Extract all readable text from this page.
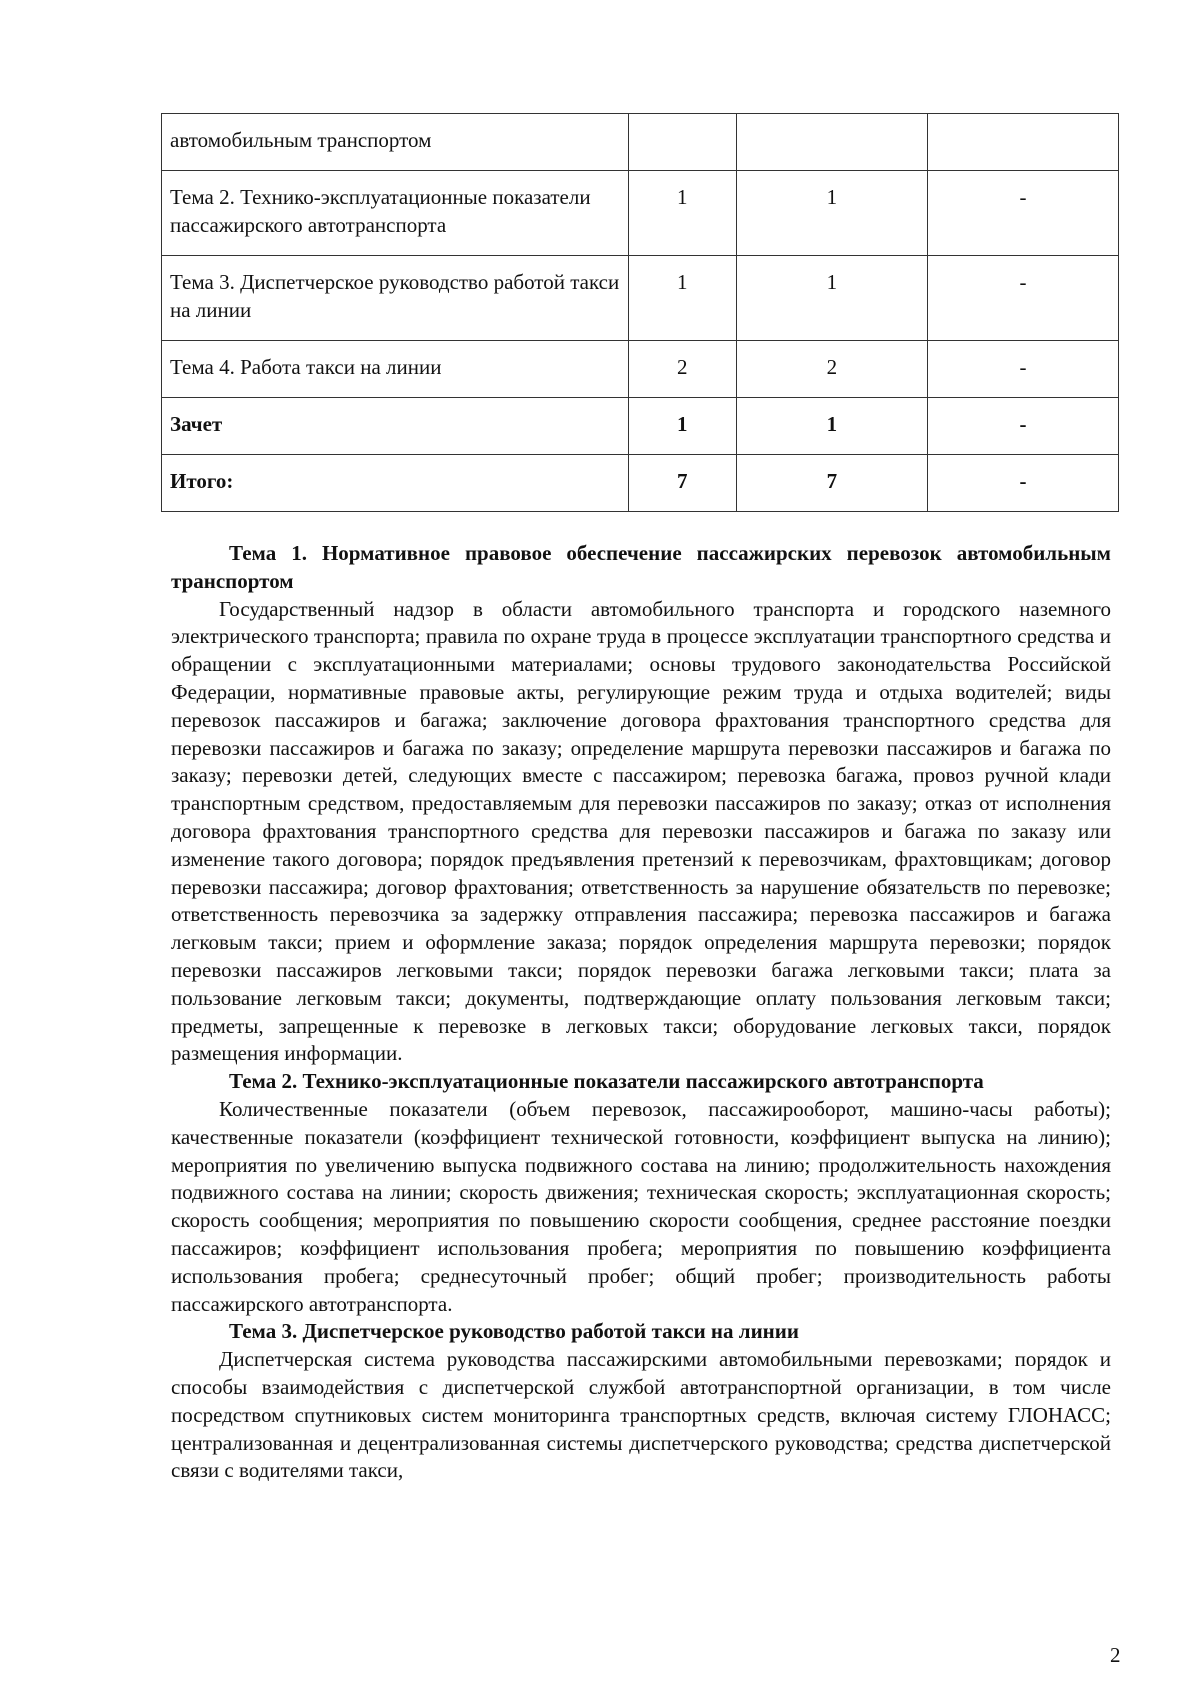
автомобильным транспортом			
Тема 2. Технико-эксплуатационные показатели пассажирского автотранспорта	1	1	-
Тема 3. Диспетчерское руководство работой такси на линии	1	1	-
Тема 4. Работа такси на линии	2	2	-
Зачет	1	1	-
Итого:	7	7	-
Тема 1. Нормативное правовое обеспечение пассажирских перевозок автомобильным транспортом

Государственный надзор в области автомобильного транспорта и городского наземного электрического транспорта; правила по охране труда в процессе эксплуатации транспортного средства и обращении с эксплуатационными материалами; основы трудового законодательства Российской Федерации, нормативные правовые акты, регулирующие режим труда и отдыха водителей; виды перевозок пассажиров и багажа; заключение договора фрахтования транспортного средства для перевозки пассажиров и багажа по заказу; определение маршрута перевозки пассажиров и багажа по заказу; перевозки детей, следующих вместе с пассажиром; перевозка багажа, провоз ручной клади транспортным средством, предоставляемым для перевозки пассажиров по заказу; отказ от исполнения договора фрахтования транспортного средства для перевозки пассажиров и багажа по заказу или изменение такого договора; порядок предъявления претензий к перевозчикам, фрахтовщикам; договор перевозки пассажира; договор фрахтования; ответственность за нарушение обязательств по перевозке; ответственность перевозчика за задержку отправления пассажира; перевозка пассажиров и багажа легковым такси; прием и оформление заказа; порядок определения маршрута перевозки; порядок перевозки пассажиров легковыми такси; порядок перевозки багажа легковыми такси; плата за пользование легковым такси; документы, подтверждающие оплату пользования легковым такси; предметы, запрещенные к перевозке в легковых такси; оборудование легковых такси, порядок размещения информации.

Тема 2. Технико-эксплуатационные показатели пассажирского автотранспорта

Количественные показатели (объем перевозок, пассажирооборот, машино-часы работы); качественные показатели (коэффициент технической готовности, коэффициент выпуска на линию); мероприятия по увеличению выпуска подвижного состава на линию; продолжительность нахождения подвижного состава на линии; скорость движения; техническая скорость; эксплуатационная скорость; скорость сообщения; мероприятия по повышению скорости сообщения, среднее расстояние поездки пассажиров; коэффициент использования пробега; мероприятия по повышению коэффициента использования пробега; среднесуточный пробег; общий пробег; производительность работы пассажирского автотранспорта.

Тема 3. Диспетчерское руководство работой такси на линии

Диспетчерская система руководства пассажирскими автомобильными перевозками; порядок и способы взаимодействия с диспетчерской службой автотранспортной организации, в том числе посредством спутниковых систем мониторинга транспортных средств, включая систему ГЛОНАСС; централизованная и децентрализованная системы диспетчерского руководства; средства диспетчерской связи с водителями такси,

2
